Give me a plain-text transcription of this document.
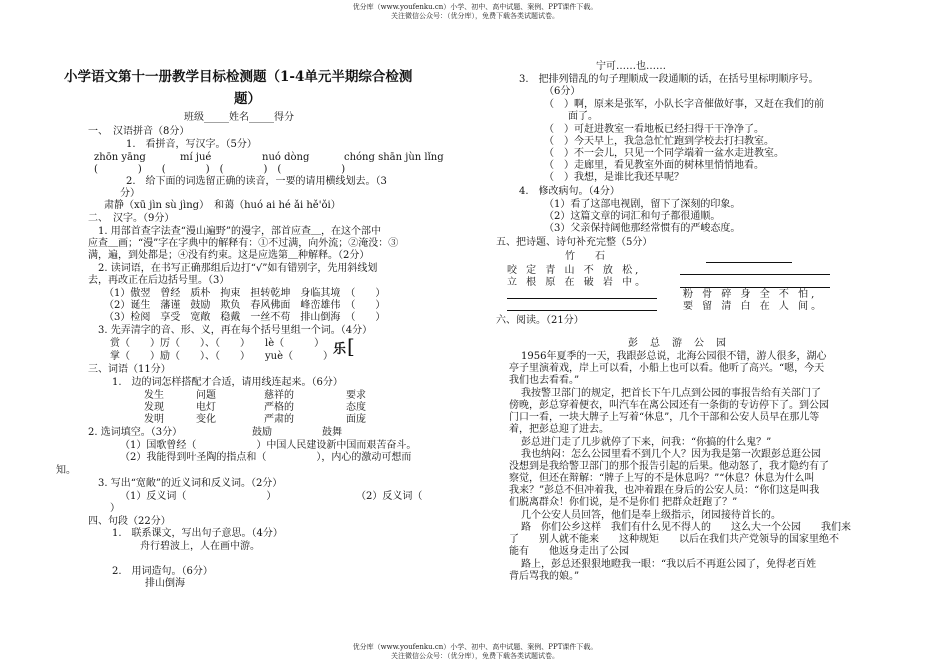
优分库（www.youfenku.cn）小学、初中、高中试题、案例、PPT课件下载。
关注微信公众号：（优分库），免费下载各类试题试卷。
小学语文第十一册教学目标检测题（1-4单元半期综合检测
题）
班级_____姓名_____得分
一、　汉语拼音（8分）
1.　看拼音，写汉字。（5分）
zhōn yāng	mí jué	nuó dòng	chóng shān jùn lǐng
(　　　　)　　(　　　　)　(　　　　)　(　　　　　　)
2.　给下面的词选留正确的读音，一要的请用横线划去。（3
分）
肃静（xū jìn sù jìng）　和蔼（huó ai hé ǎi hě'ǒi）
二、　汉字。（9分）
1. 用部首查字法查“漫山遍野”的漫字，部首应查＿，在这个部中
应查＿画；“漫”字在字典中的解释有：①不过满，向外流；②淹没：③
满，遍，到处都是；④没有约束。这是应选第＿种解释。（2分）
2. 读词语，在书写正确那组后边打“√”如有错别字，先用斜线划
去，再改正在后边括号里。（3）
（1）傲翌　曾经　质朴　拘束　担转乾坤　身临其境　（　　）
（2）诞生　藩谨　鼓励　欺负　春风佛面　峰峦雄伟　（　　）
（3）检阅　享受　宽敞　稳戴　一丝不苟　排山倒海　（　　）
3. 先弄清字的音、形、义，再在每个括号里组一个词。（4分）
赏（　　）厉（　　）、（　　）　　lè（　　　）
掌（　　）励（　　）、（　　）　　yuè（　　　） 乐 [
三、词语（11分）
1.　边的词怎样搭配才合适，请用线连起来。（6分）
发生	问题	慈祥的	要求
发现	电灯	严格的	态度
发明	变化	严肃的	面庞
2. 选词填空。（3分）	鼓励　　　　　鼓舞
（1）国歌曾经（　　　　　　）中国人民建设新中国而艰苦奋斗。
（2）我能得到叶圣陶的指点和（　　　　　），内心的激动可想而
知。
3. 写出“宽敞”的近义词和反义词。（2分）
（1）反义词（　　　　　　　　）	（2）反义词（
）
四、句段（22分）
1.　联系课文，写出句子意思。（4分）
舟行碧波上，人在画中游。
2.　用词造句。（6分）
排山倒海
宁可……也……
3.　把排列错乱的句子理顺成一段通顺的话，在括号里标明顺序号。
（6分）
（　）啊，原来是张军，小队长字音催做好事，又赶在我们的前
面了。
（　）可赶进教室一看地板已经扫得干干净净了。
（　）今天早上，我急急忙忙跑到学校去打扫教室。
（　）不一会儿，只见一个同学端着一盆水走进教室。
（　）走廊里，看见教室外面的树林里悄悄地看。
（　）我想，是谁比我还早呢？
4.　修改病句。（4分）
（1）看了这部电视剧，留下了深刻的印象。
（2）这篇文章的词汇和句子都很通顺。
（3）父亲保持阔他那经常惯有的严峻态度。
五、把诗题、诗句补充完整（5分）
竹　　石
咬 定 青 山 不 放 松,
立 根 原 在 破 岩 中。
粉 骨 碎 身 全 不 怕,
要 留 清 白 在 人 间。
六、阅读。（21分）
彭　总　游　公　园
1956年夏季的一天，我跟彭总说，北海公园很不错，游人很多，湖心
亭子里演着戏，岸上可以看，小船上也可以看。他听了高兴。“嗯，今天
我们也去看看。”
我按警卫部门的规定，把首长下午几点到公园的事报告给有关部门了
傍晚，彭总穿着便衣，叫汽车在离公园还有一条街的专访停下了。到公园
门口一看，一块大牌子上写着“休息”，几个干部和公安人员早在那儿等
着，把彭总迎了进去。
彭总进门走了几步就停了下来，问我：“你搞的什么鬼？”
我也纳闷：怎么公园里看不到几个人？因为我是第一次跟彭总逛公园
没想到是我给警卫部门的那个报告引起的后果。他动怒了，我才隐约有了
察觉，但还在辩解：“牌子上写的不是休息吗？”“休息？休息为什么叫
我来？”彭总不但冲着我，也冲着跟在身后的公安人员：“你们这是叫我
们脱离群众！你们说，是不是你们 把群众赶跑了？”
几个公安人员回答，他们是奉上级指示，闭园接待首长的。
路　你们公乡这样　我们有什么见不得人的　　这么大一个公园　　我们来
了　　别人就不能来　　这种规矩　　以后在我们共产党领导的国家里绝不
能有　　他返身走出了公园
路上，彭总还狠狠地瞪我一眼：“我以后不再逛公园了，免得老百姓
背后骂我的娘。”
优分库（www.youfenku.cn）小学、初中、高中试题、案例、PPT课件下载。
关注微信公众号：（优分库），免费下载各类试题试卷。
